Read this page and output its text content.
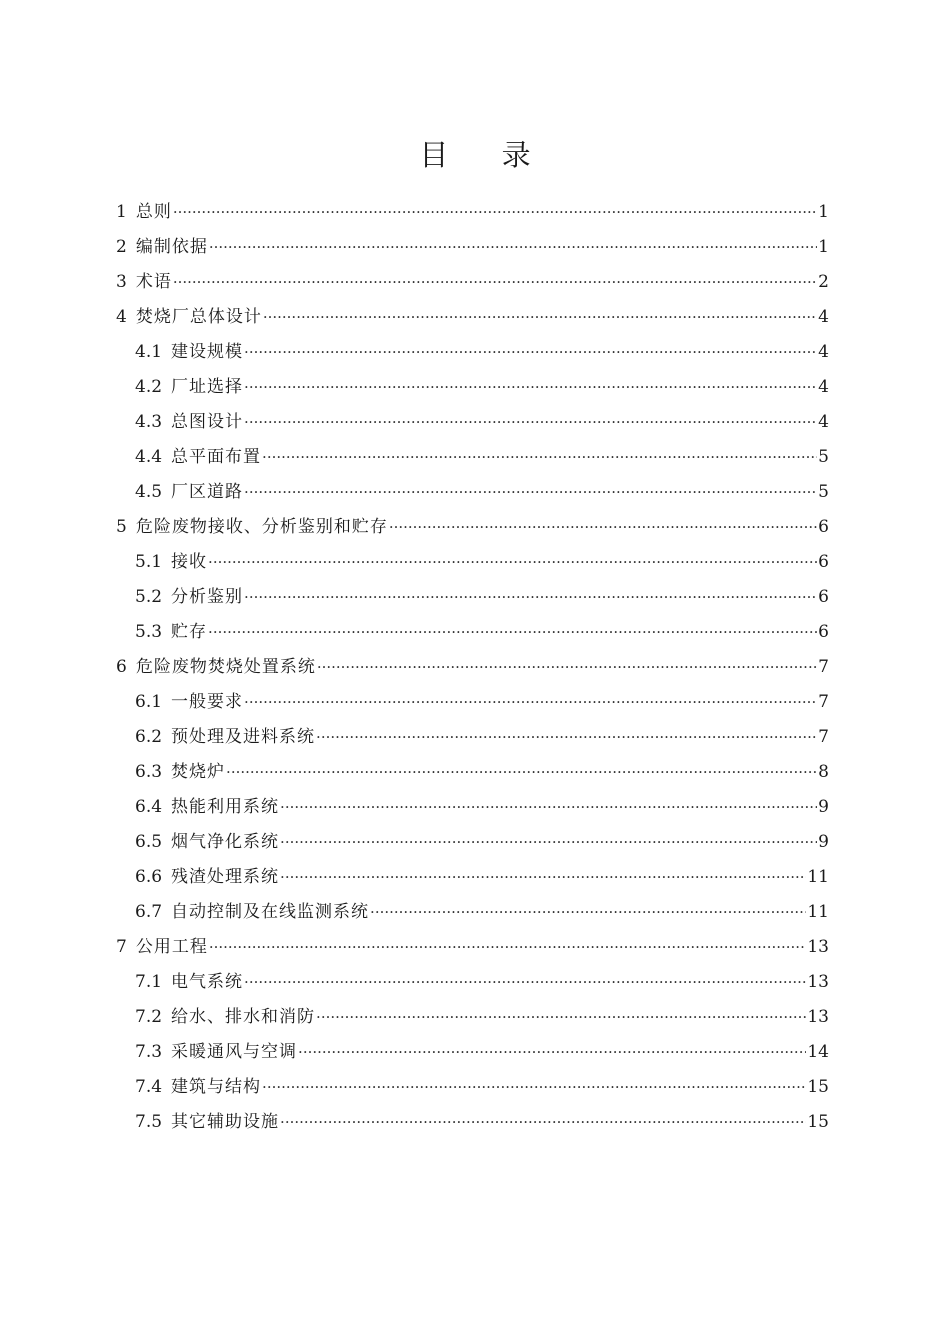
目 录
1 总则 ·····	1
2 编制依据 ·····	1
3 术语 ·····	2
4 焚烧厂总体设计 ·····	4
4.1 建设规模 ·····	4
4.2 厂址选择 ·····	4
4.3 总图设计 ·····	4
4.4 总平面布置 ·····	5
4.5 厂区道路 ·····	5
5 危险废物接收、分析鉴别和贮存 ·····	6
5.1 接收 ·····	6
5.2 分析鉴别 ·····	6
5.3 贮存 ·····	6
6 危险废物焚烧处置系统 ·····	7
6.1 一般要求 ·····	7
6.2 预处理及进料系统 ·····	7
6.3 焚烧炉 ·····	8
6.4 热能利用系统 ·····	9
6.5 烟气净化系统 ·····	9
6.6 残渣处理系统 ·····	11
6.7 自动控制及在线监测系统 ·····	11
7 公用工程 ·····	13
7.1 电气系统 ·····	13
7.2 给水、排水和消防 ·····	13
7.3 采暖通风与空调 ·····	14
7.4 建筑与结构 ·····	15
7.5 其它辅助设施 ·····	15
